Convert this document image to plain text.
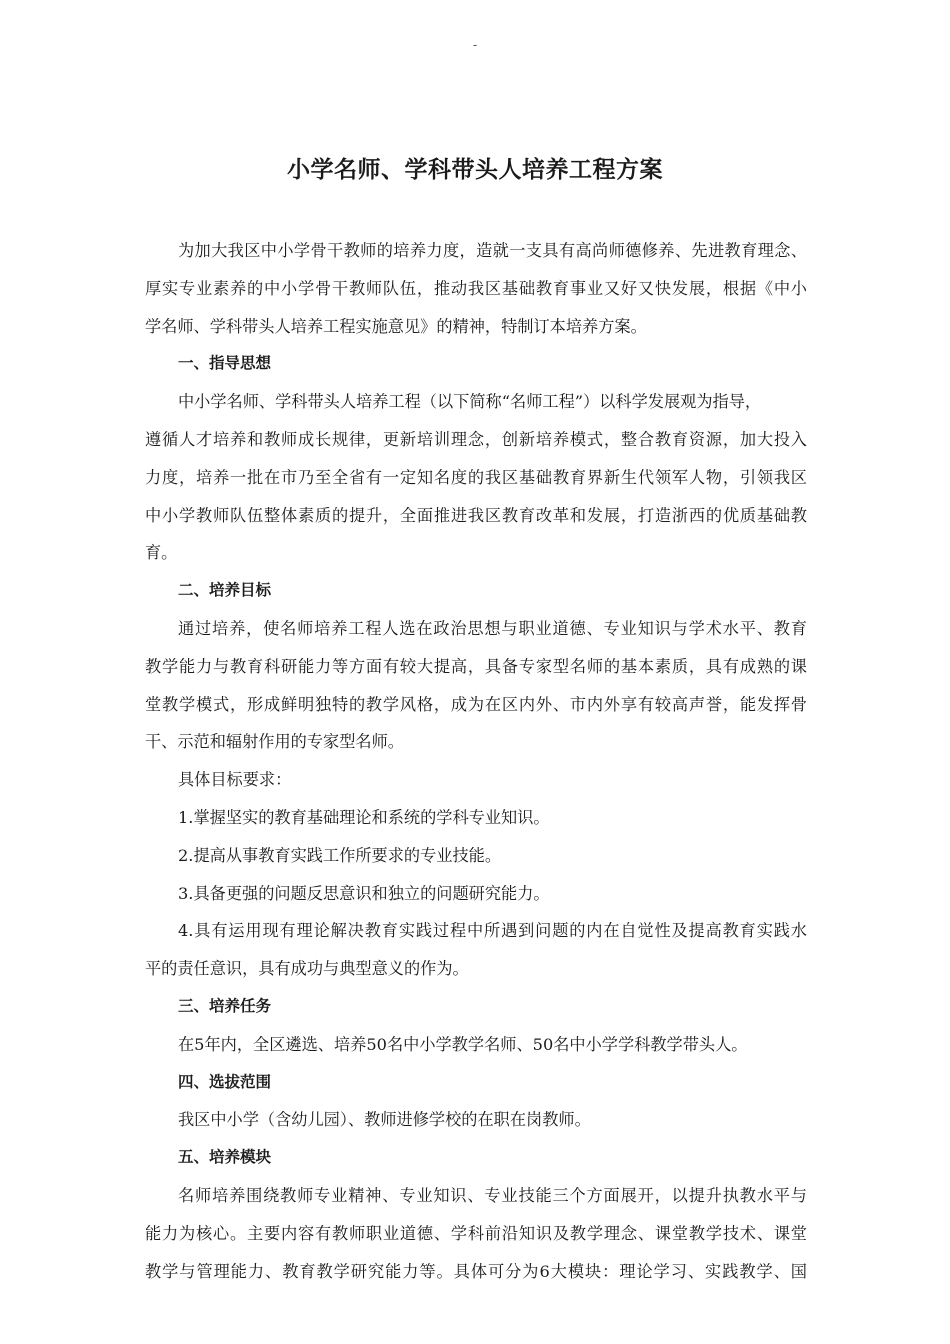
-
小学名师、学科带头人培养工程方案
为加大我区中小学骨干教师的培养力度，造就一支具有高尚师德修养、先进教育理念、
厚实专业素养的中小学骨干教师队伍，推动我区基础教育事业又好又快发展，根据《中小
学名师、学科带头人培养工程实施意见》的精神，特制订本培养方案。
一、指导思想
中小学名师、学科带头人培养工程（以下简称“名师工程”）以科学发展观为指导，
遵循人才培养和教师成长规律，更新培训理念，创新培养模式，整合教育资源，加大投入
力度，培养一批在市乃至全省有一定知名度的我区基础教育界新生代领军人物，引领我区
中小学教师队伍整体素质的提升，全面推进我区教育改革和发展，打造浙西的优质基础教
育。
二、培养目标
通过培养，使名师培养工程人选在政治思想与职业道德、专业知识与学术水平、教育
教学能力与教育科研能力等方面有较大提高，具备专家型名师的基本素质，具有成熟的课
堂教学模式，形成鲜明独特的教学风格，成为在区内外、市内外享有较高声誉，能发挥骨
干、示范和辐射作用的专家型名师。
具体目标要求：
1.掌握坚实的教育基础理论和系统的学科专业知识。
2.提高从事教育实践工作所要求的专业技能。
3.具备更强的问题反思意识和独立的问题研究能力。
4.具有运用现有理论解决教育实践过程中所遇到问题的内在自觉性及提高教育实践水
平的责任意识，具有成功与典型意义的作为。
三、培养任务
在5年内，全区遴选、培养50名中小学教学名师、50名中小学学科教学带头人。
四、选拔范围
我区中小学（含幼儿园）、教师进修学校的在职在岗教师。
五、培养模块
名师培养围绕教师专业精神、专业知识、专业技能三个方面展开，以提升执教水平与
能力为核心。主要内容有教师职业道德、学科前沿知识及教学理念、课堂教学技术、课堂
教学与管理能力、教育教学研究能力等。具体可分为6大模块：理论学习、实践教学、国
